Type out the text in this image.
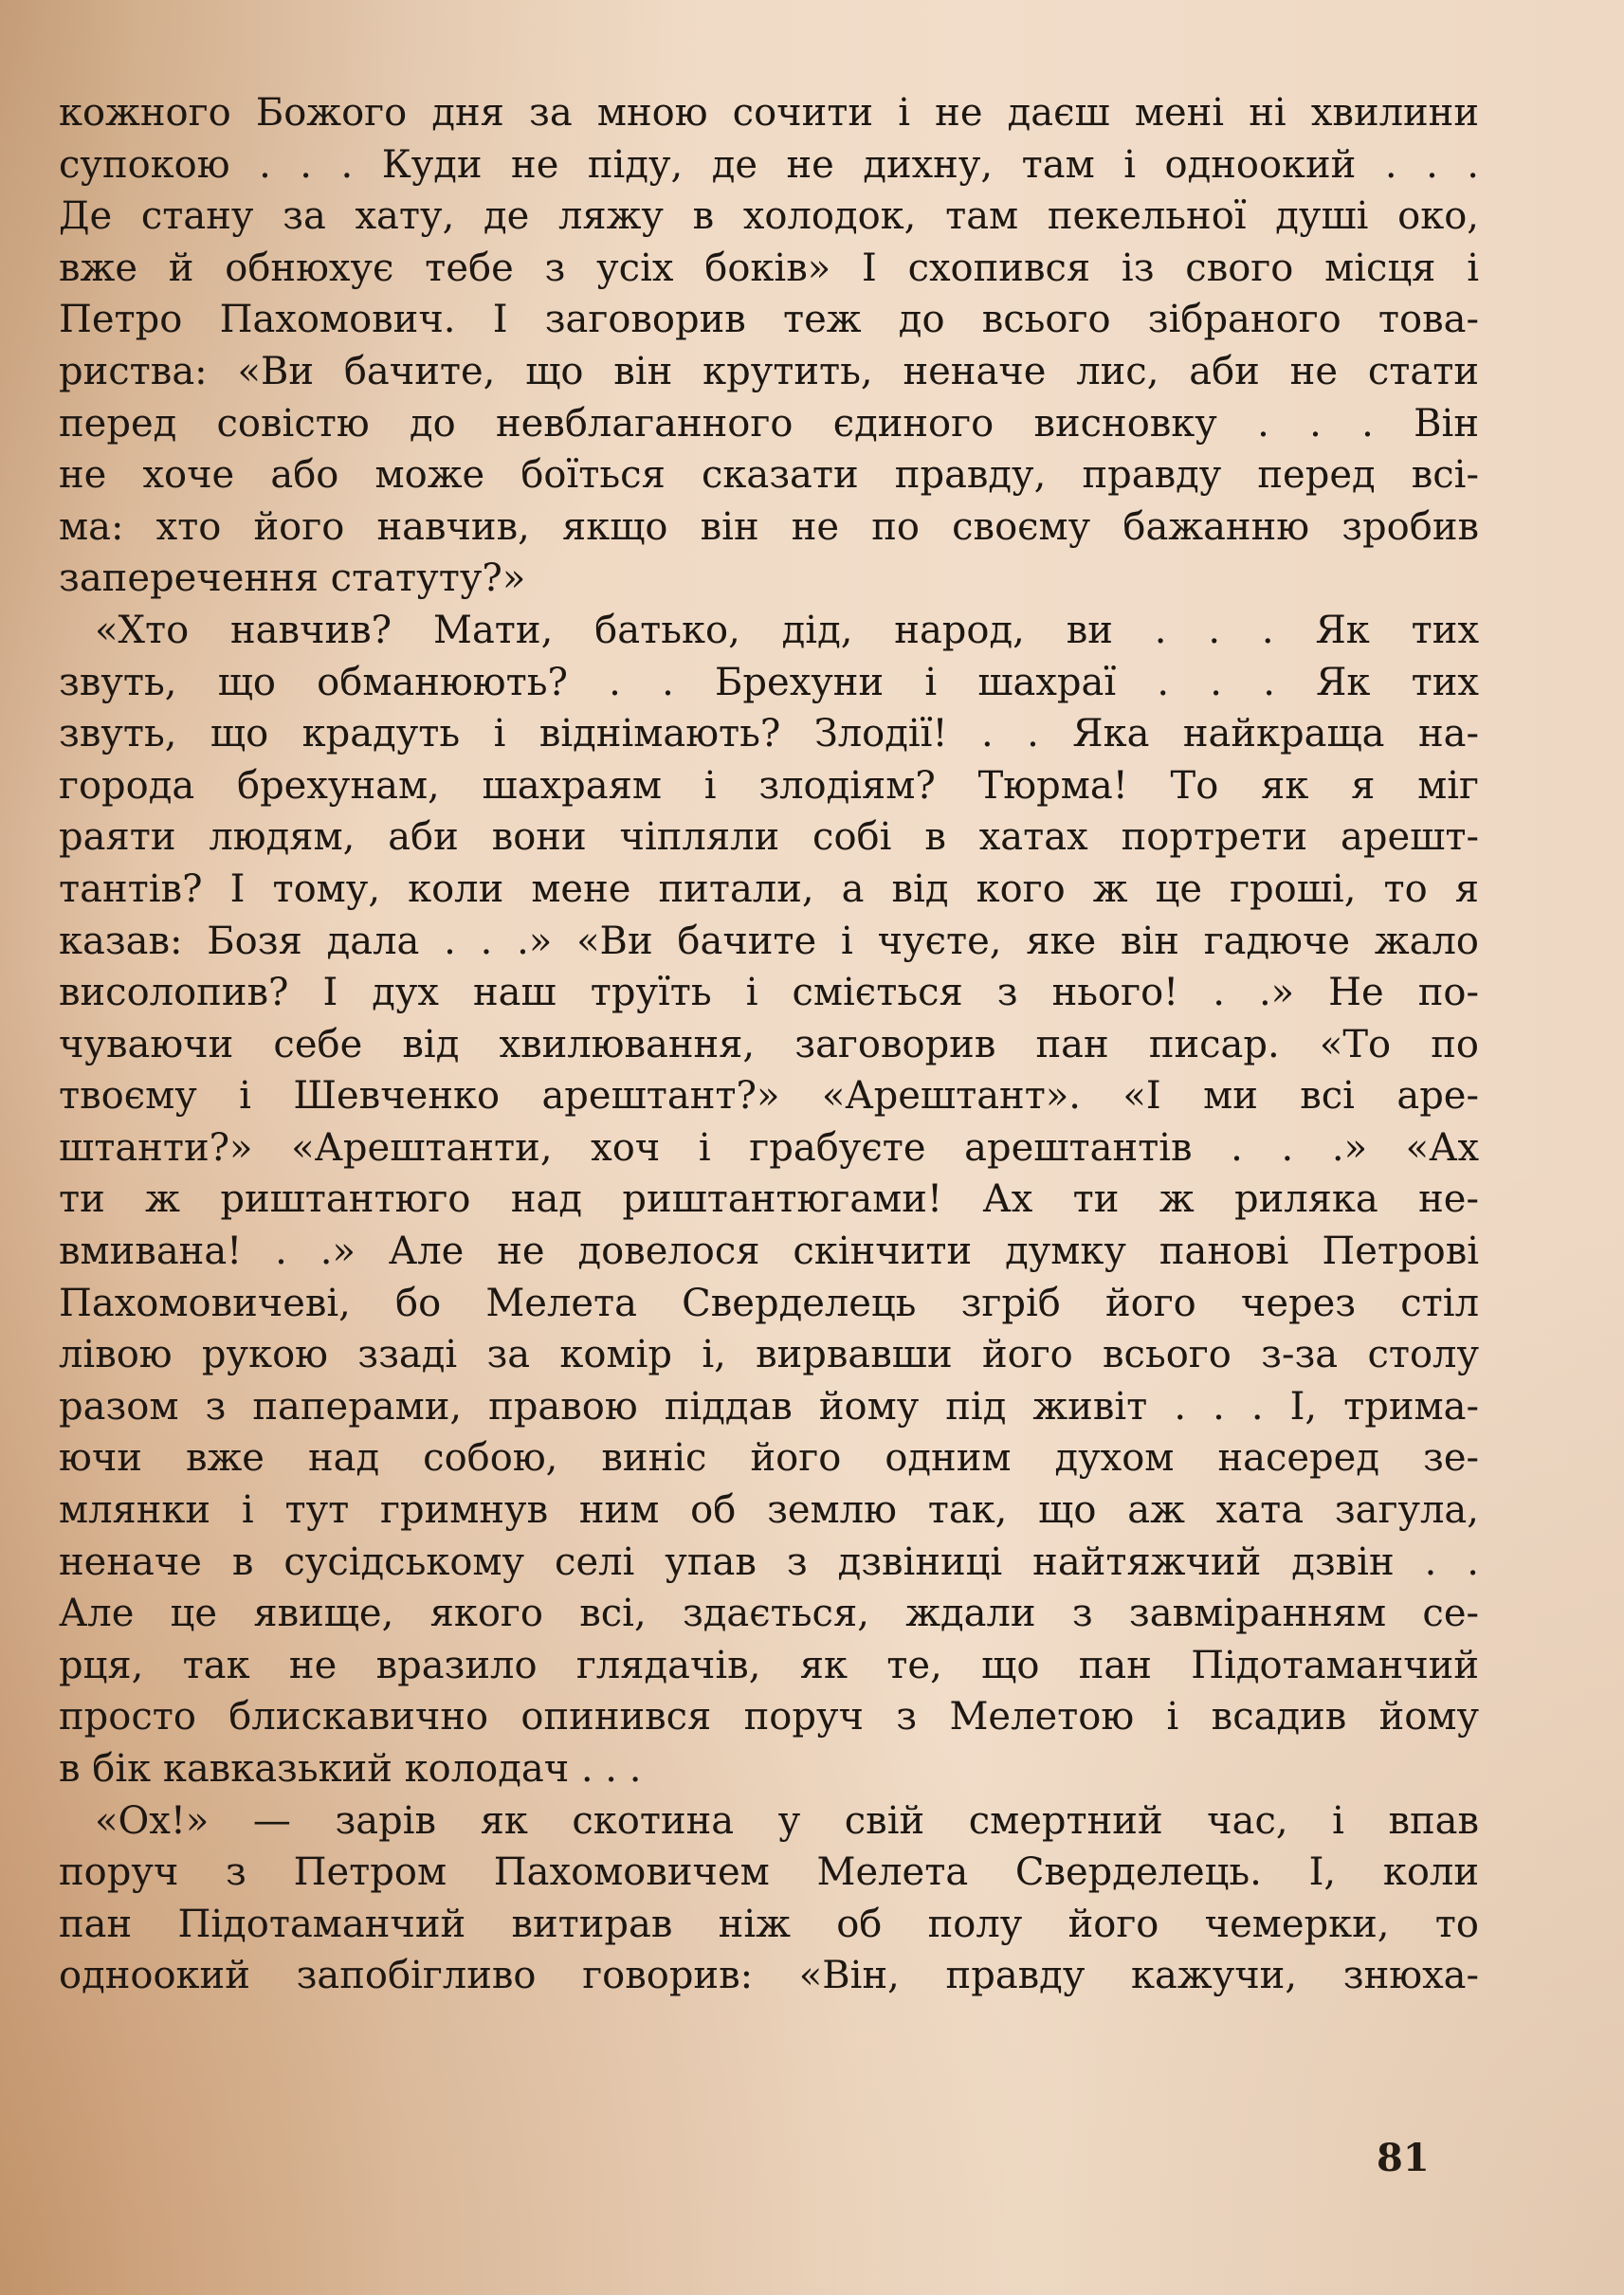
кожного Божого дня за мною сочити і не даєш мені ні хвилини
супокою . . . Куди не піду, де не дихну, там і одноокий . . .
Де стану за хату, де ляжу в холодок, там пекельної душі око,
вже й обнюхує тебе з усіх боків» І схопився із свого місця і
Петро Пахомович. І заговорив теж до всього зібраного това-
риства: «Ви бачите, що він крутить, неначе лис, аби не стати
перед совістю до невблаганного єдиного висновку . . . Він
не хоче або може боїться сказати правду, правду перед всі-
ма: хто його навчив, якщо він не по своєму бажанню зробив
заперечення статуту?»
«Хто навчив? Мати, батько, дід, народ, ви . . . Як тих
звуть, що обманюють? . . Брехуни і шахраї . . . Як тих
звуть, що крадуть і віднімають? Злодії! . . Яка найкраща на-
города брехунам, шахраям і злодіям? Тюрма! То як я міг
раяти людям, аби вони чіпляли собі в хатах портрети арешт-
тантів? І тому, коли мене питали, а від кого ж це гроші, то я
казав: Бозя дала . . .» «Ви бачите і чуєте, яке він гадюче жало
висолопив? І дух наш труїть і сміється з нього! . .» Не по-
чуваючи себе від хвилювання, заговорив пан писар. «То по
твоєму і Шевченко арештант?» «Арештант». «І ми всі аре-
штанти?» «Арештанти, хоч і грабуєте арештантів . . .» «Ах
ти ж риштантюго над риштантюгами! Ах ти ж риляка не-
вмивана! . .» Але не довелося скінчити думку панові Петрові
Пахомовичеві, бо Мелета Сверделець згріб його через стіл
лівою рукою ззаді за комір і, вирвавши його всього з-за столу
разом з паперами, правою піддав йому під живіт . . . І, трима-
ючи вже над собою, виніс його одним духом насеред зе-
млянки і тут гримнув ним об землю так, що аж хата загула,
неначе в сусідському селі упав з дзвіниці найтяжчий дзвін . .
Але це явище, якого всі, здається, ждали з завміранням се-
рця, так не вразило глядачів, як те, що пан Підотаманчий
просто блискавично опинився поруч з Мелетою і всадив йому
в бік кавказький колодач . . .
«Ох!» — зарів як скотина у свій смертний час, і впав
поруч з Петром Пахомовичем Мелета Сверделець. І, коли
пан Підотаманчий витирав ніж об полу його чемерки, то
одноокий запобігливо говорив: «Він, правду кажучи, знюха-
81
